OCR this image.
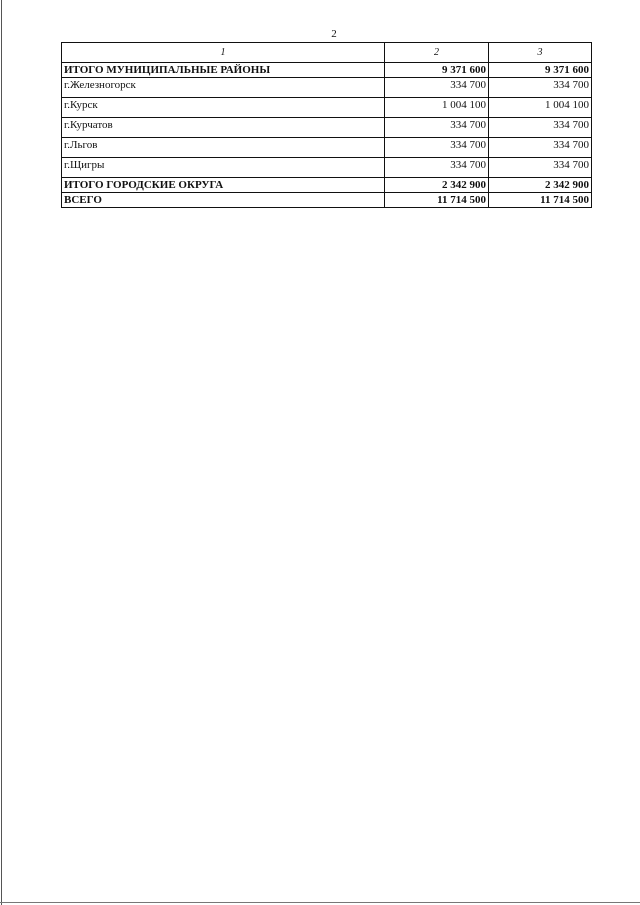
2
1	2	3
ИТОГО МУНИЦИПАЛЬНЫЕ РАЙОНЫ	9 371 600	9 371 600
г.Железногорск	334 700	334 700
г.Курск	1 004 100	1 004 100
г.Курчатов	334 700	334 700
г.Льгов	334 700	334 700
г.Щигры	334 700	334 700
ИТОГО ГОРОДСКИЕ ОКРУГА	2 342 900	2 342 900
ВСЕГО	11 714 500	11 714 500
